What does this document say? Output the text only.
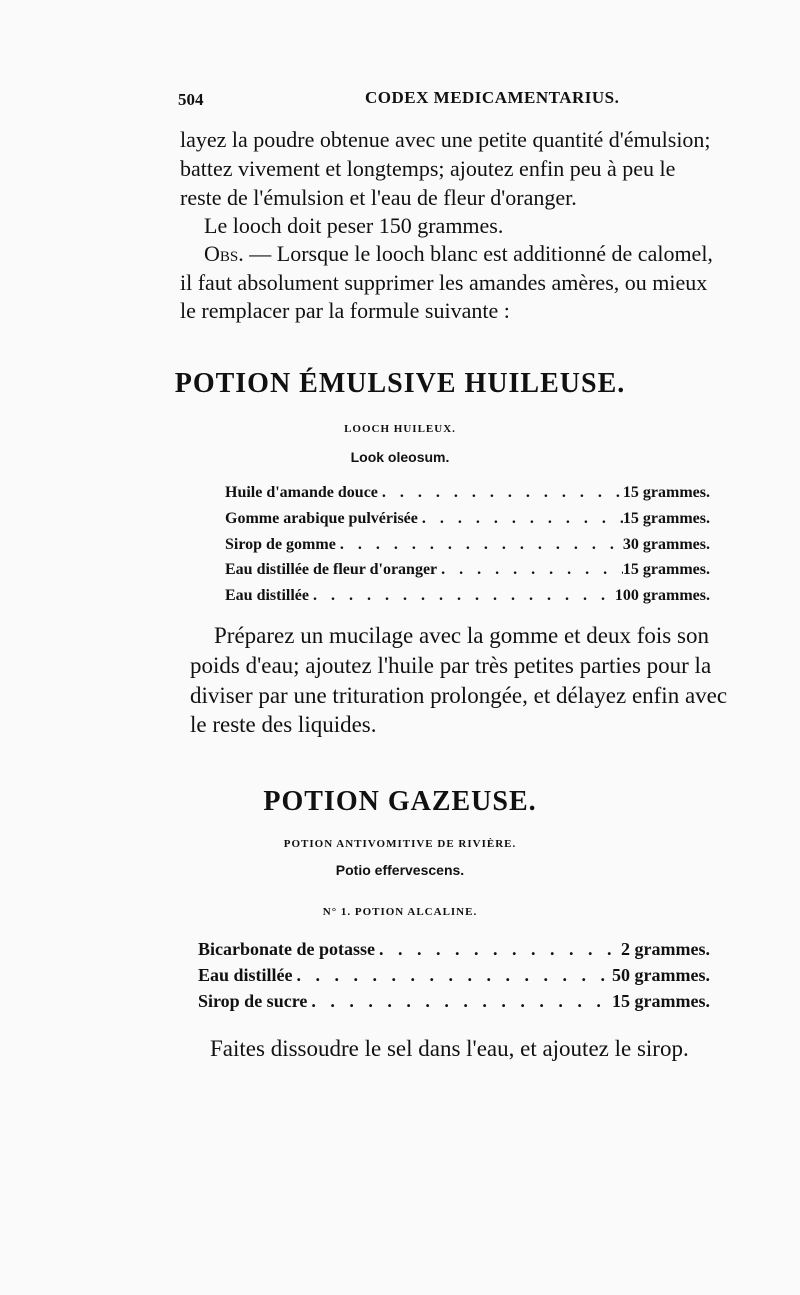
504	CODEX MEDICAMENTARIUS.
layez la poudre obtenue avec une petite quantité d'émulsion;
battez vivement et longtemps; ajoutez enfin peu à peu le
reste de l'émulsion et l'eau de fleur d'oranger.
Le looch doit peser 150 grammes.
Obs. — Lorsque le looch blanc est additionné de calomel,
il faut absolument supprimer les amandes amères, ou mieux
le remplacer par la formule suivante :
POTION ÉMULSIVE HUILEUSE.
LOOCH HUILEUX.
Look oleosum.
Huile d'amande douce . . .	15 grammes.
Gomme arabique pulvérisée . . .	15 grammes.
Sirop de gomme . . .	30 grammes.
Eau distillée de fleur d'oranger . . .	15 grammes.
Eau distillée . . .	100 grammes.
Préparez un mucilage avec la gomme et deux fois son
poids d'eau; ajoutez l'huile par très petites parties pour la
diviser par une trituration prolongée, et délayez enfin avec
le reste des liquides.
POTION GAZEUSE.
POTION ANTIVOMITIVE DE RIVIÈRE.
Potio effervescens.
N° 1. POTION ALCALINE.
Bicarbonate de potasse . . .	2 grammes.
Eau distillée . . .	50 grammes.
Sirop de sucre . . .	15 grammes.
Faites dissoudre le sel dans l'eau, et ajoutez le sirop.
